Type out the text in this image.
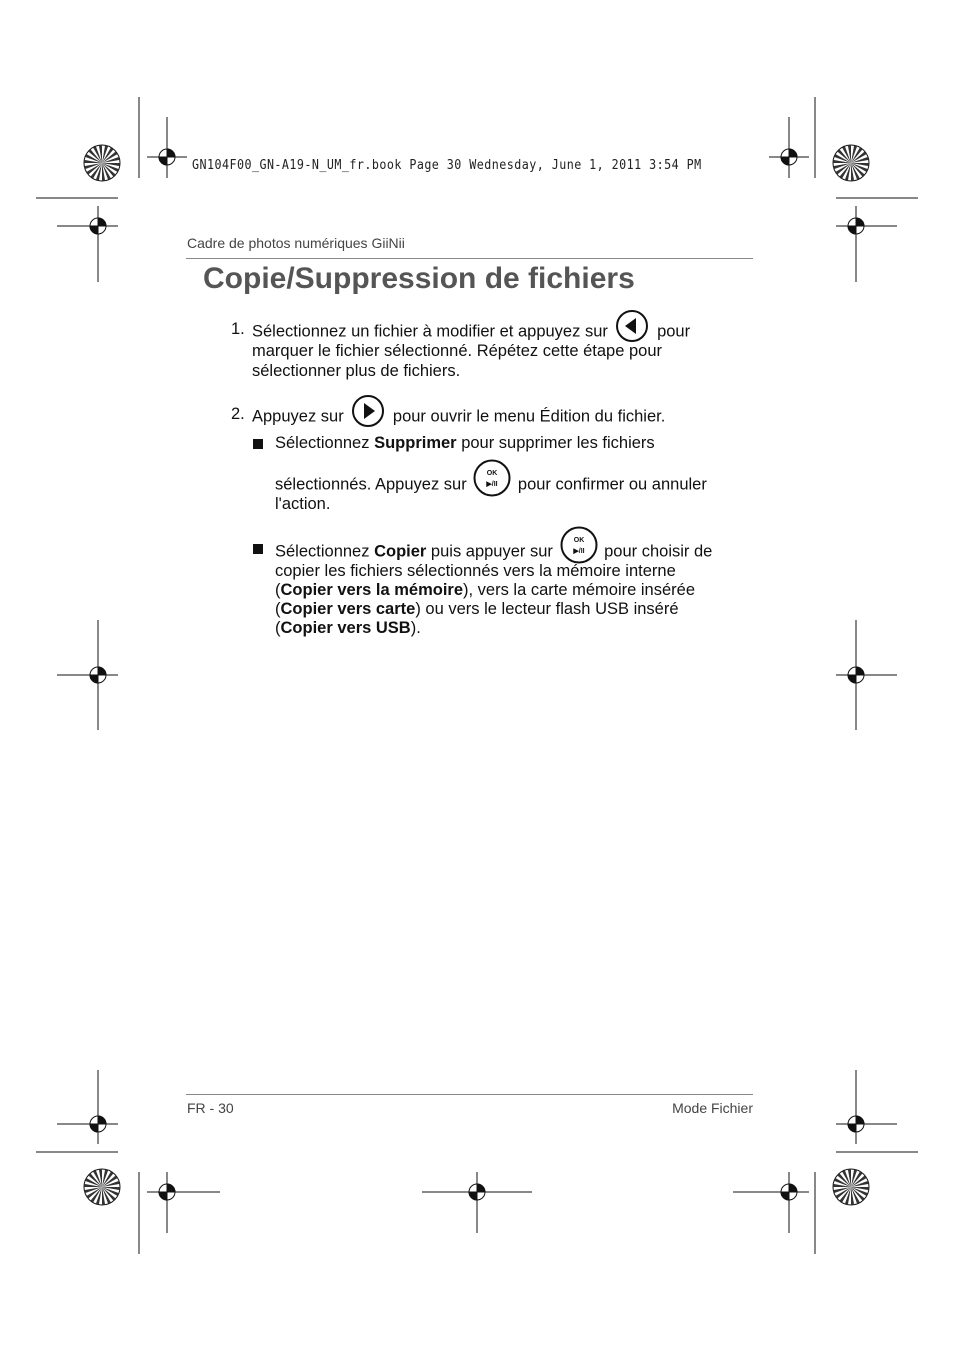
GN104F00_GN-A19-N_UM_fr.book Page 30 Wednesday, June 1, 2011 3:54 PM
Cadre de photos numériques GiiNii
Copie/Suppression de fichiers
1. Sélectionnez un fichier à modifier et appuyez sur	pour
marquer le fichier sélectionné. Répétez cette étape pour
sélectionner plus de fichiers.
2. Appuyez sur	pour ouvrir le menu Édition du fichier.
Sélectionnez Supprimer pour supprimer les fichiers
sélectionnés. Appuyez sur
OK
▶/II pour confirmer ou annuler
l'action.
Sélectionnez Copier puis appuyer sur
OK
▶/II pour choisir de
copier les fichiers sélectionnés vers la mémoire interne
(Copier vers la mémoire), vers la carte mémoire insérée
(Copier vers carte) ou vers le lecteur flash USB inséré
(Copier vers USB).
FR - 30	Mode Fichier
